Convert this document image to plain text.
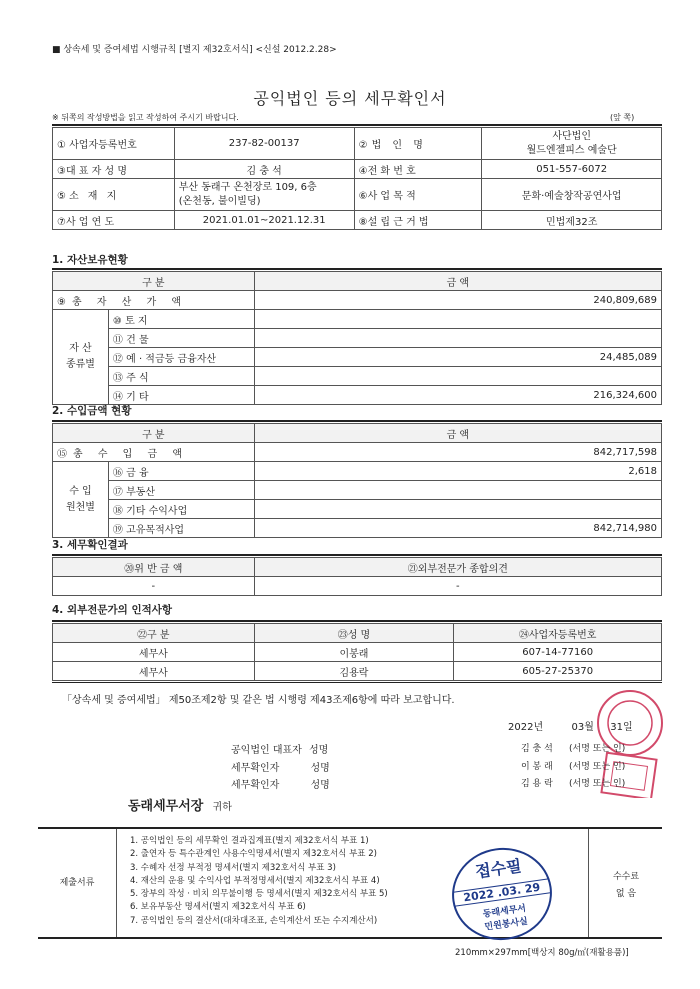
■ 상속세 및 증여세법 시행규칙 [별지 제32호서식] <신설 2012.2.28>
공익법인 등의 세무확인서
※ 뒤쪽의 작성방법을 읽고 작성하여 주시기 바랍니다.	(앞 쪽)
① 사업자등록번호	237-82-00137	②법 인 명	사단법인
월드엔젤피스 예술단

③대 표 자 성 명	김 충 석	④전 화 번 호	051-557-6072
⑤소 재 지	부산 동래구 온천장로 109, 6층
(온천동, 불이빌딩)	⑥사 업 목 적	문화·예술창작공연사업
⑦사 업 연 도	2021.01.01~2021.12.31	⑧설 립 근 거 법	민법제32조
1. 자산보유현황
구 분		금 액
⑨총 자 산 가 액		240,809,689

자 산
종류별	⑩ 토 지	
	⑪ 건 물	
	⑫ 예 · 적금등 금융자산	24,485,089
	⑬ 주 식	
	⑭ 기 타	216,324,600
2. 수입금액 현황
구 분		금 액
⑮총 수 입 금 액		842,717,598

수 입
원천별	⑯ 금 융	2,618
	⑰ 부동산	
	⑱ 기타 수익사업	
	⑲ 고유목적사업	842,714,980
3. 세무확인결과
⑳위 반 금 액	㉑외부전문가 종합의견
-	-
4. 외부전문가의 인적사항
㉒구 분	㉓성 명	㉔사업자등록번호
세무사	이봉래	607-14-77160
세무사	김용락	605-27-25370
「상속세 및 증여세법」 제50조제2항 및 같은 법 시행령 제43조제6항에 따라 보고합니다.
2022년	03월 31일
공익법인 대표자 성명	김 충 석 (서명 또는 인)
세무확인자	성명	이 봉 래 (서명 또는 인)
세무확인자	성명	김 용 락 (서명 또는 인)
동래세무서장 귀하
제출서류
1. 공익법인 등의 세무확인 결과집계표(별지 제32호서식 부표 1)
2. 출연자 등 특수관계인 사용수익명세서(별지 제32호서식 부표 2)
3. 수혜자 선정 부적정 명세서(별지 제32호서식 부표 3)
4. 재산의 운용 및 수익사업 부적정명세서(별지 제32호서식 부표 4)
5. 장부의 작성 · 비치 의무불이행 등 명세서(별지 제32호서식 부표 5)
6. 보유부동산 명세서(별지 제32호서식 부표 6)
7. 공익법인 등의 결산서(대차대조표, 손익계산서 또는 수지계산서)
수수료
없 음
접수필
2022 .03. 29
동래세무서
민원봉사실
210mm×297mm[백상지 80g/㎡(재활용품)]
